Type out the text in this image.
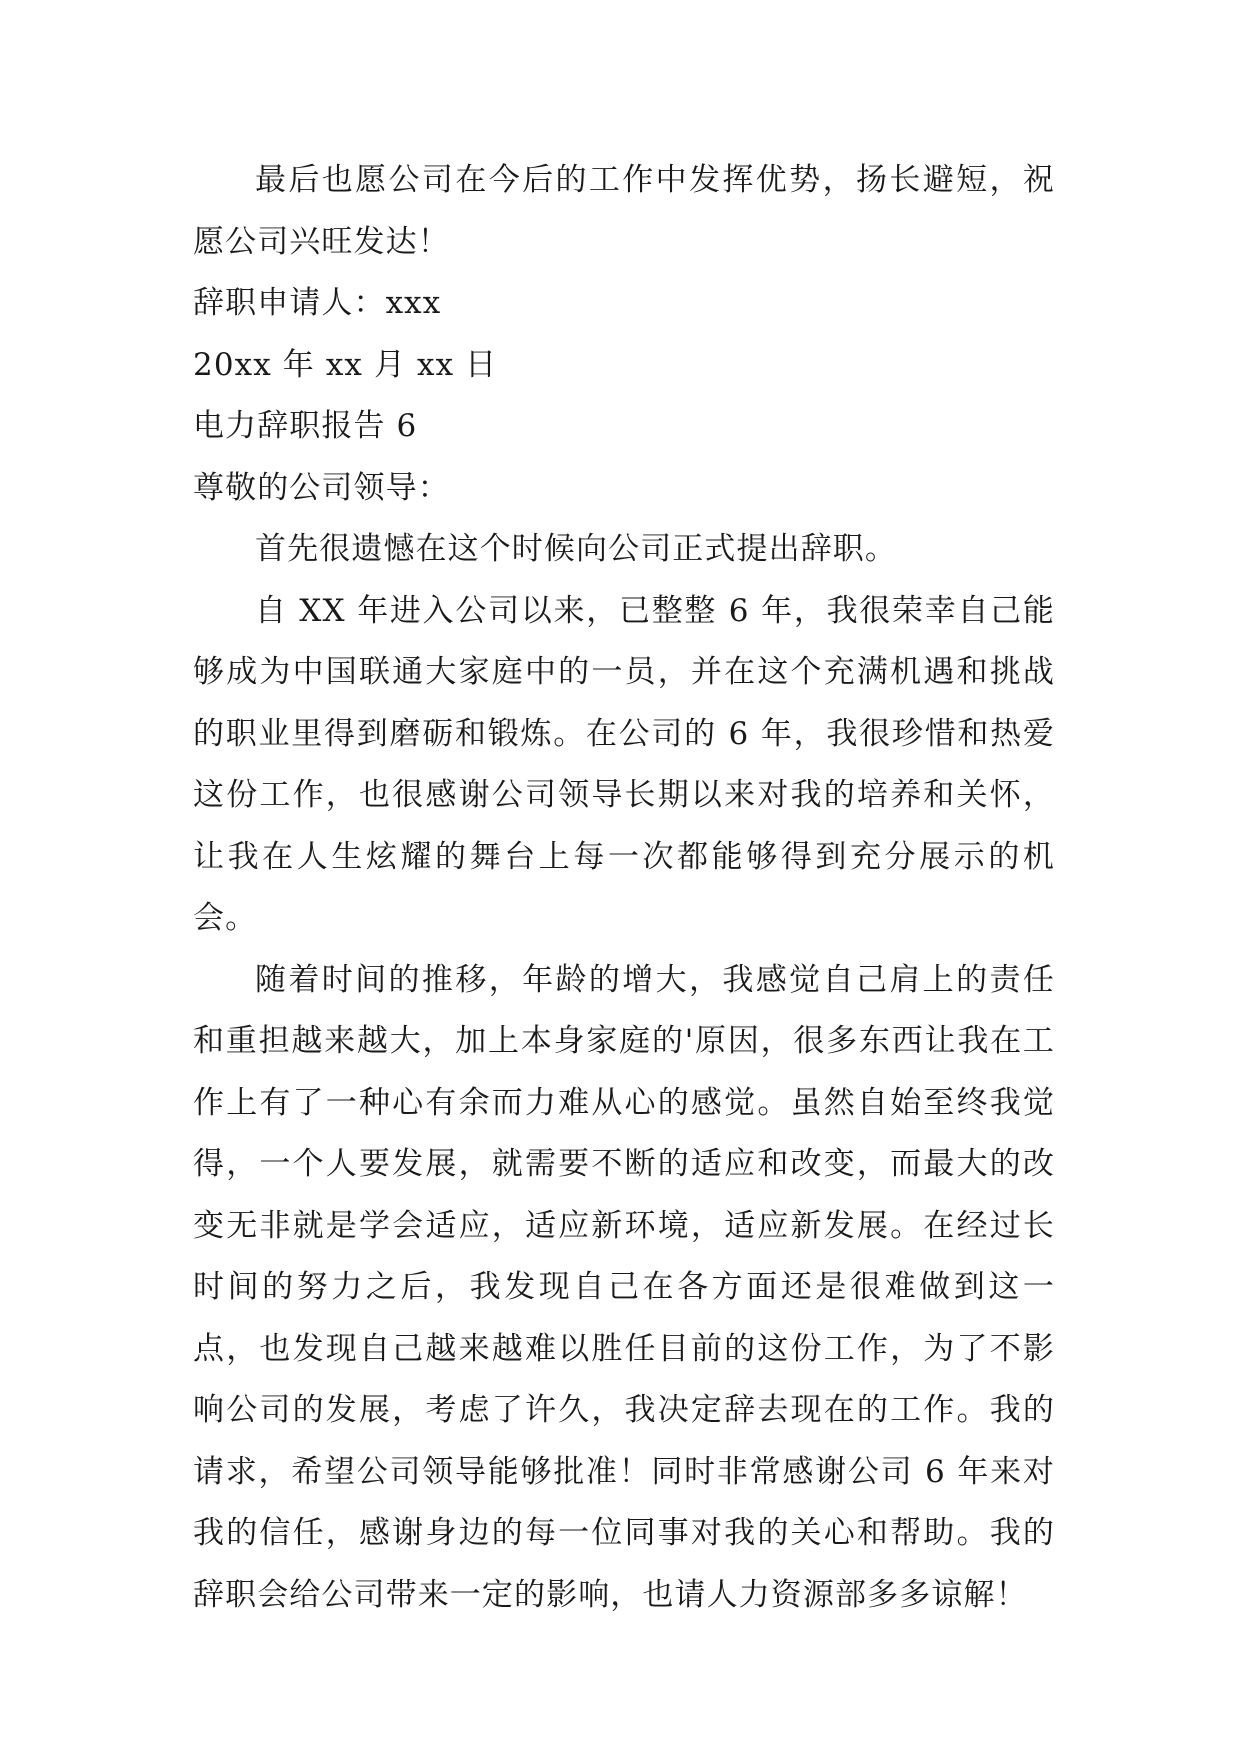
最后也愿公司在今后的工作中发挥优势，扬长避短，祝愿公司兴旺发达！

辞职申请人：xxx

20xx 年 xx 月 xx 日

电力辞职报告 6

尊敬的公司领导：

首先很遗憾在这个时候向公司正式提出辞职。

自 XX 年进入公司以来，已整整 6 年，我很荣幸自己能够成为中国联通大家庭中的一员，并在这个充满机遇和挑战的职业里得到磨砺和锻炼。在公司的 6 年，我很珍惜和热爱这份工作，也很感谢公司领导长期以来对我的培养和关怀，让我在人生炫耀的舞台上每一次都能够得到充分展示的机会。

随着时间的推移，年龄的增大，我感觉自己肩上的责任和重担越来越大，加上本身家庭的'原因，很多东西让我在工作上有了一种心有余而力难从心的感觉。虽然自始至终我觉得，一个人要发展，就需要不断的适应和改变，而最大的改变无非就是学会适应，适应新环境，适应新发展。在经过长时间的努力之后，我发现自己在各方面还是很难做到这一点，也发现自己越来越难以胜任目前的这份工作，为了不影响公司的发展，考虑了许久，我决定辞去现在的工作。我的请求，希望公司领导能够批准！同时非常感谢公司 6 年来对我的信任，感谢身边的每一位同事对我的关心和帮助。我的辞职会给公司带来一定的影响，也请人力资源部多多谅解！
